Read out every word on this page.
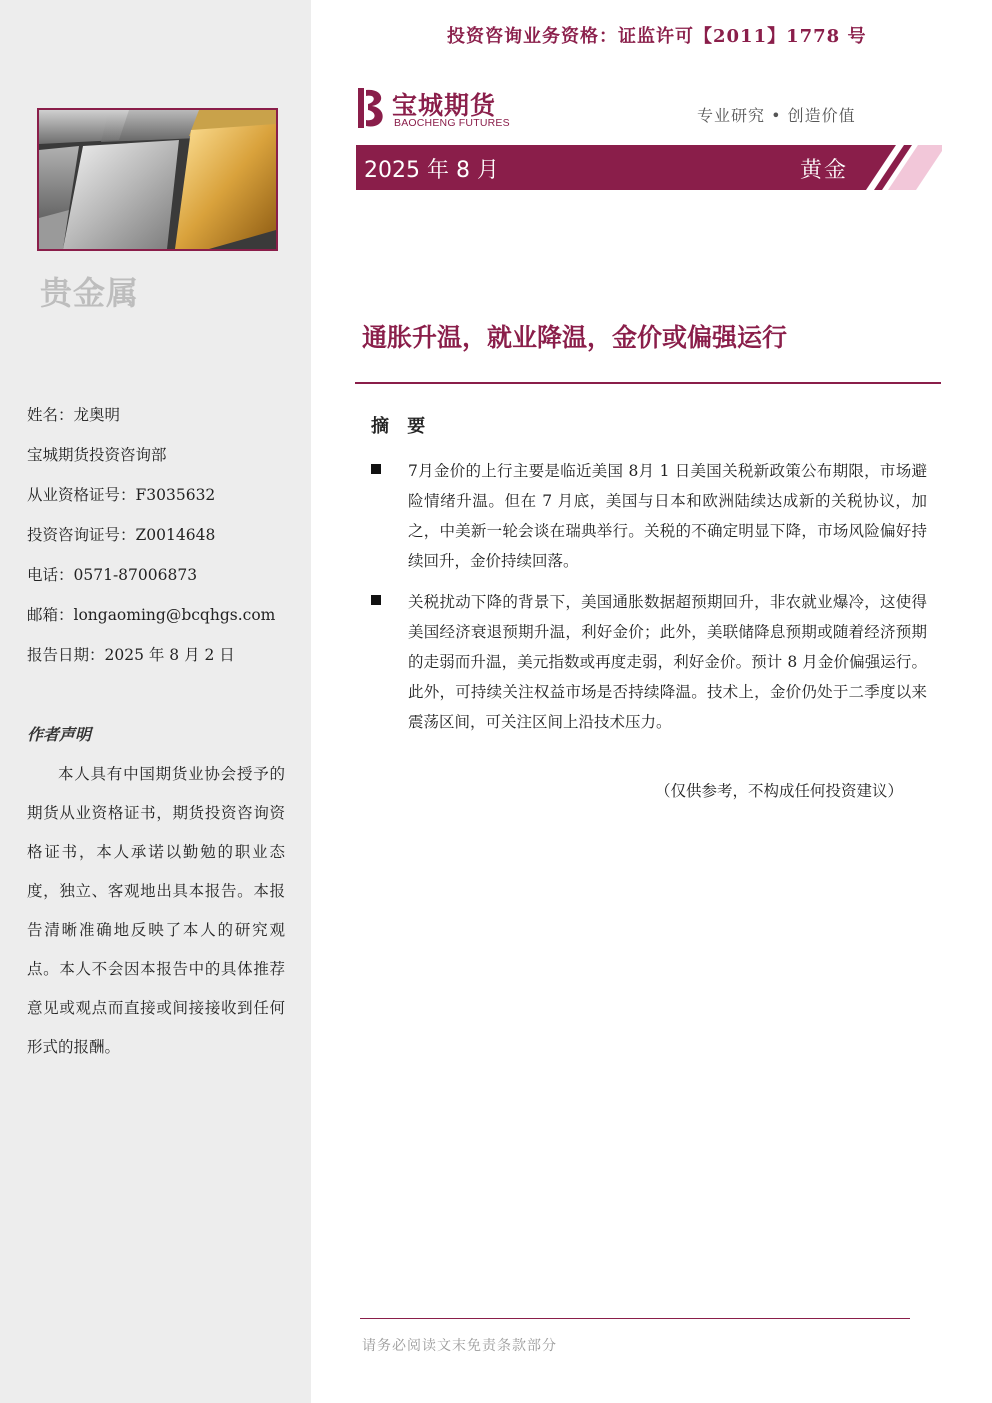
贵金属
姓名：龙奥明
宝城期货投资咨询部
从业资格证号：F3035632
投资咨询证号：Z0014648
电话：0571-87006873
邮箱：longaoming@bcqhgs.com
报告日期：2025 年 8 月 2 日
作者声明
本人具有中国期货业协会授予的期货从业资格证书，期货投资咨询资格证书，本人承诺以勤勉的职业态度，独立、客观地出具本报告。本报告清晰准确地反映了本人的研究观点。本人不会因本报告中的具体推荐意见或观点而直接或间接接收到任何形式的报酬。
投资咨询业务资格：证监许可【2011】1778 号
宝城期货
BAOCHENG FUTURES	专业研究 • 创造价值
2025 年 8 月	黄金
通胀升温，就业降温，金价或偏强运行
摘 要
7月金价的上行主要是临近美国 8月 1 日美国关税新政策公布期限，市场避险情绪升温。但在 7 月底，美国与日本和欧洲陆续达成新的关税协议，加之，中美新一轮会谈在瑞典举行。关税的不确定明显下降，市场风险偏好持续回升，金价持续回落。
关税扰动下降的背景下，美国通胀数据超预期回升，非农就业爆冷，这使得美国经济衰退预期升温，利好金价；此外，美联储降息预期或随着经济预期的走弱而升温，美元指数或再度走弱，利好金价。预计 8 月金价偏强运行。此外，可持续关注权益市场是否持续降温。技术上，金价仍处于二季度以来震荡区间，可关注区间上沿技术压力。
（仅供参考，不构成任何投资建议）
请务必阅读文末免责条款部分
